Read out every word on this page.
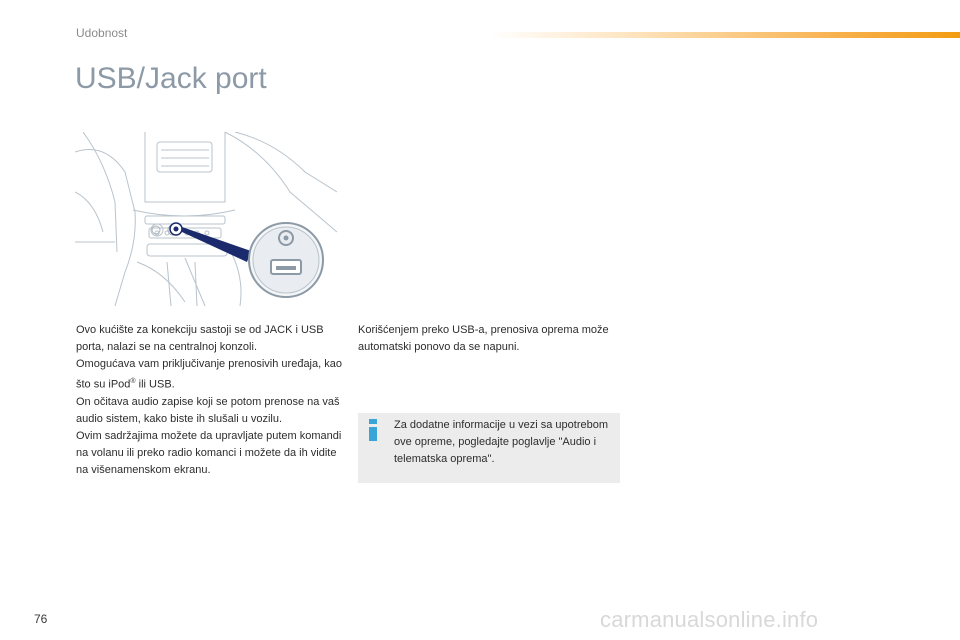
Udobnost
USB/Jack port

Ovo kućište za konekciju sastoji se od JACK i USB porta, nalazi se na centralnoj konzoli.

Omogućava vam priključivanje prenosivih uređaja, kao što su iPod® ili USB.

On očitava audio zapise koji se potom prenose na vaš audio sistem, kako biste ih slušali u vozilu.

Ovim sadržajima možete da upravljate putem komandi na volanu ili preko radio komanci i možete da ih vidite na višenamenskom ekranu.

Korišćenjem preko USB-a, prenosiva oprema može automatski ponovo da se napuni.
Za dodatne informacije u vezi sa upotrebom ove opreme, pogledajte poglavlje "Audio i telematska oprema".
76	carmanualsonline.info
